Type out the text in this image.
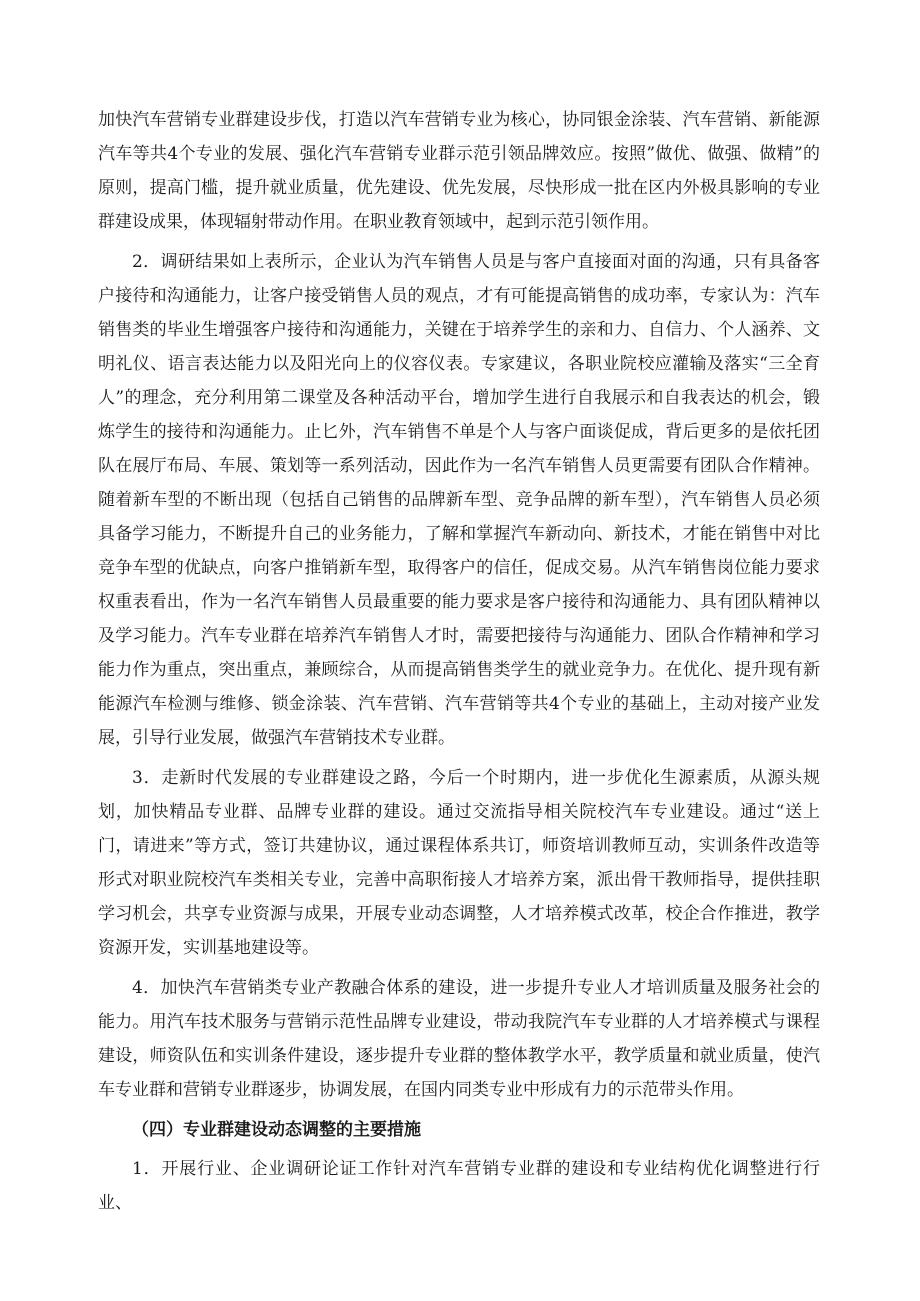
加快汽车营销专业群建设步伐，打造以汽车营销专业为核心，协同银金涂装、汽车营销、新能源汽车等共4个专业的发展、强化汽车营销专业群示范引领品牌效应。按照”做优、做强、做精”的原则，提高门槛，提升就业质量，优先建设、优先发展，尽快形成一批在区内外极具影响的专业群建设成果，体现辐射带动作用。在职业教育领域中，起到示范引领作用。

2．调研结果如上表所示，企业认为汽车销售人员是与客户直接面对面的沟通，只有具备客户接待和沟通能力，让客户接受销售人员的观点，才有可能提高销售的成功率，专家认为：汽车销售类的毕业生增强客户接待和沟通能力，关键在于培养学生的亲和力、自信力、个人涵养、文明礼仪、语言表达能力以及阳光向上的仪容仪表。专家建议，各职业院校应灌输及落实“三全育人”的理念，充分利用第二课堂及各种活动平台，增加学生进行自我展示和自我表达的机会，锻炼学生的接待和沟通能力。止匕外，汽车销售不单是个人与客户面谈促成，背后更多的是依托团队在展厅布局、车展、策划等一系列活动，因此作为一名汽车销售人员更需要有团队合作精神。随着新车型的不断出现（包括自己销售的品牌新车型、竞争品牌的新车型），汽车销售人员必须具备学习能力，不断提升自己的业务能力，了解和掌握汽车新动向、新技术，才能在销售中对比竞争车型的优缺点，向客户推销新车型，取得客户的信任，促成交易。从汽车销售岗位能力要求权重表看出，作为一名汽车销售人员最重要的能力要求是客户接待和沟通能力、具有团队精神以及学习能力。汽车专业群在培养汽车销售人才时，需要把接待与沟通能力、团队合作精神和学习能力作为重点，突出重点，兼顾综合，从而提高销售类学生的就业竞争力。在优化、提升现有新能源汽车检测与维修、锁金涂装、汽车营销、汽车营销等共4个专业的基础上，主动对接产业发展，引导行业发展，做强汽车营销技术专业群。

3．走新时代发展的专业群建设之路，今后一个时期内，进一步优化生源素质，从源头规划，加快精品专业群、品牌专业群的建设。通过交流指导相关院校汽车专业建设。通过“送上门，请进来”等方式，签订共建协议，通过课程体系共订，师资培训教师互动，实训条件改造等形式对职业院校汽车类相关专业，完善中高职衔接人才培养方案，派出骨干教师指导，提供挂职学习机会，共享专业资源与成果，开展专业动态调整，人才培养模式改革，校企合作推进，教学资源开发，实训基地建设等。

4．加快汽车营销类专业产教融合体系的建设，进一步提升专业人才培训质量及服务社会的能力。用汽车技术服务与营销示范性品牌专业建设，带动我院汽车专业群的人才培养模式与课程建设，师资队伍和实训条件建设，逐步提升专业群的整体教学水平，教学质量和就业质量，使汽车专业群和营销专业群逐步，协调发展，在国内同类专业中形成有力的示范带头作用。

（四）专业群建设动态调整的主要措施

1．开展行业、企业调研论证工作针对汽车营销专业群的建设和专业结构优化调整进行行业、
